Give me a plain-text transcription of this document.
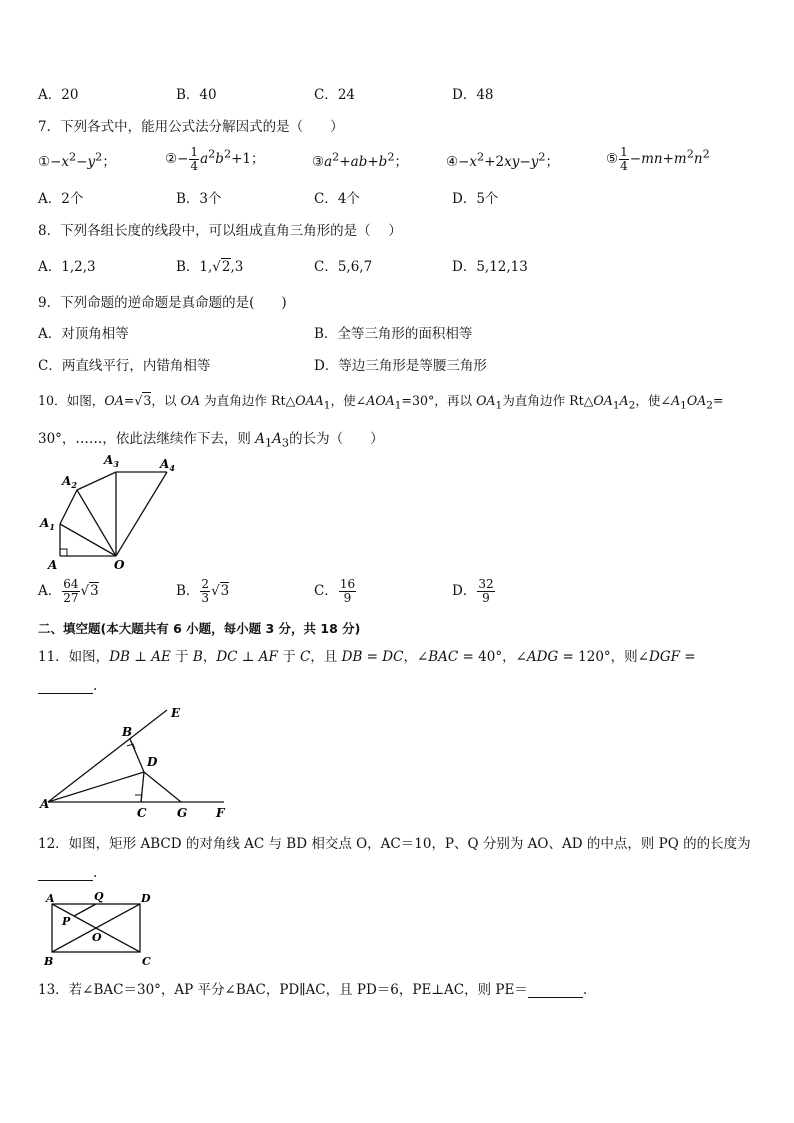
A．20	B．40	C．24	D．48
7．下列各式中，能用公式法分解因式的是（　　）
$①-x^2-y^2$；	②− $\frac{1}{4} a^2b^2+1$；	$③a^2+ab+b^2$；	$④-x^2+2xy-y^2$；	⑤ $\frac{1}{4} -mn+m^2n^2$
A．2个	B．3个	C．4个	D．5个
8．下列各组长度的线段中，可以组成直角三角形的是（　 ）
A．1,2,3	B．1,√2,3	C．5,6,7	D．5,12,13
9．下列命题的逆命题是真命题的是(　　)
A．对顶角相等	B．全等三角形的面积相等
C．两直线平行，内错角相等	D．等边三角形是等腰三角形
10．如图，OA=√3，以 OA 为直角边作 $Rt\triangle OAA_1$，使$\angle AOA_1=30^\circ$，再以 $OA_1$为直角边作 $Rt\triangle OA_1A_2$，使$\angle A_1OA_2=$
30°，……，依此法继续作下去，则 $A_1A_3$的长为（　　）
A
$A_1$
$A_2$
$A_3$	$A_4$
O
A． $\frac{64}{27} √3$	B． $\frac{2}{3} √3$	C． $\frac{16}{9}$	D． $\frac{32}{9}$
二、填空题(本大题共有 6 小题，每小题 3 分，共 18 分)
11．如图，DB ⊥ AE 于 B，DC ⊥ AF 于 C，且 DB = DC，∠BAC = 40°，∠ADG = 120°，则∠DGF =
.
A
B
C
D
E
F
G
12．如图，矩形 ABCD 的对角线 AC 与 BD 相交点 O，AC＝10，P、Q 分别为 AO、AD 的中点，则 PQ 的的长度为
.
A	Q	D
P
O
B	C
13．若∠BAC＝30°，AP 平分∠BAC，PD∥AC，且 PD＝6，PE⊥AC，则 PE＝	.
